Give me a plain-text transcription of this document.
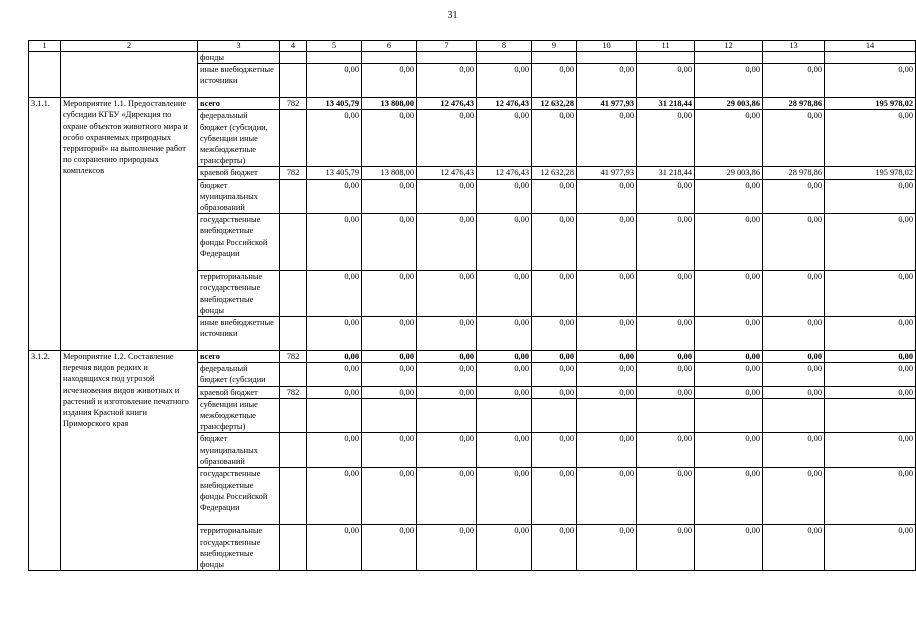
31
1	2	3	4	5	6	7	8	9	10	11	12	13	14
		фонды											
		иные внебюджетные источники		0,00	0,00	0,00	0,00	0,00	0,00	0,00	0,00	0,00	0,00
3.1.1.	Мероприятие 1.1. Предоставление субсидии КГБУ «Дирекция по охране объектов животного мира и особо охраняемых природных территорий» на выполнение работ по сохранению природных комплексов	всего	782	13 405,79	13 808,00	12 476,43	12 476,43	12 632,28	41 977,93	31 218,44	29 003,86	28 978,86	195 978,02
		федеральный бюджет (субсидии, субвенции иные межбюджетные трансферты)		0,00	0,00	0,00	0,00	0,00	0,00	0,00	0,00	0,00	0,00
		краевой бюджет	782	13 405,79	13 808,00	12 476,43	12 476,43	12 632,28	41 977,93	31 218,44	29 003,86	28 978,86	195 978,02
		бюджет муниципальных образований		0,00	0,00	0,00	0,00	0,00	0,00	0,00	0,00	0,00	0,00
		государственные внебюджетные фонды Российской Федерации		0,00	0,00	0,00	0,00	0,00	0,00	0,00	0,00	0,00	0,00
		территориальные государственные внебюджетные фонды		0,00	0,00	0,00	0,00	0,00	0,00	0,00	0,00	0,00	0,00
		иные внебюджетные источники		0,00	0,00	0,00	0,00	0,00	0,00	0,00	0,00	0,00	0,00
3.1.2.	Мероприятие 1.2. Составление перечня видов редких и находящихся под угрозой исчезновения видов животных и растений и изготовление печатного издания Красной книги Приморского края	всего	782	0,00	0,00	0,00	0,00	0,00	0,00	0,00	0,00	0,00	0,00
		федеральный бюджет (субсидии		0,00	0,00	0,00	0,00	0,00	0,00	0,00	0,00	0,00	0,00
		краевой бюджет	782	0,00	0,00	0,00	0,00	0,00	0,00	0,00	0,00	0,00	0,00
		субвенции иные межбюджетные трансферты)											
		бюджет муниципальных образований		0,00	0,00	0,00	0,00	0,00	0,00	0,00	0,00	0,00	0,00
		государственные внебюджетные фонды Российской Федерации		0,00	0,00	0,00	0,00	0,00	0,00	0,00	0,00	0,00	0,00
		территориальные государственные внебюджетные фонды		0,00	0,00	0,00	0,00	0,00	0,00	0,00	0,00	0,00	0,00
